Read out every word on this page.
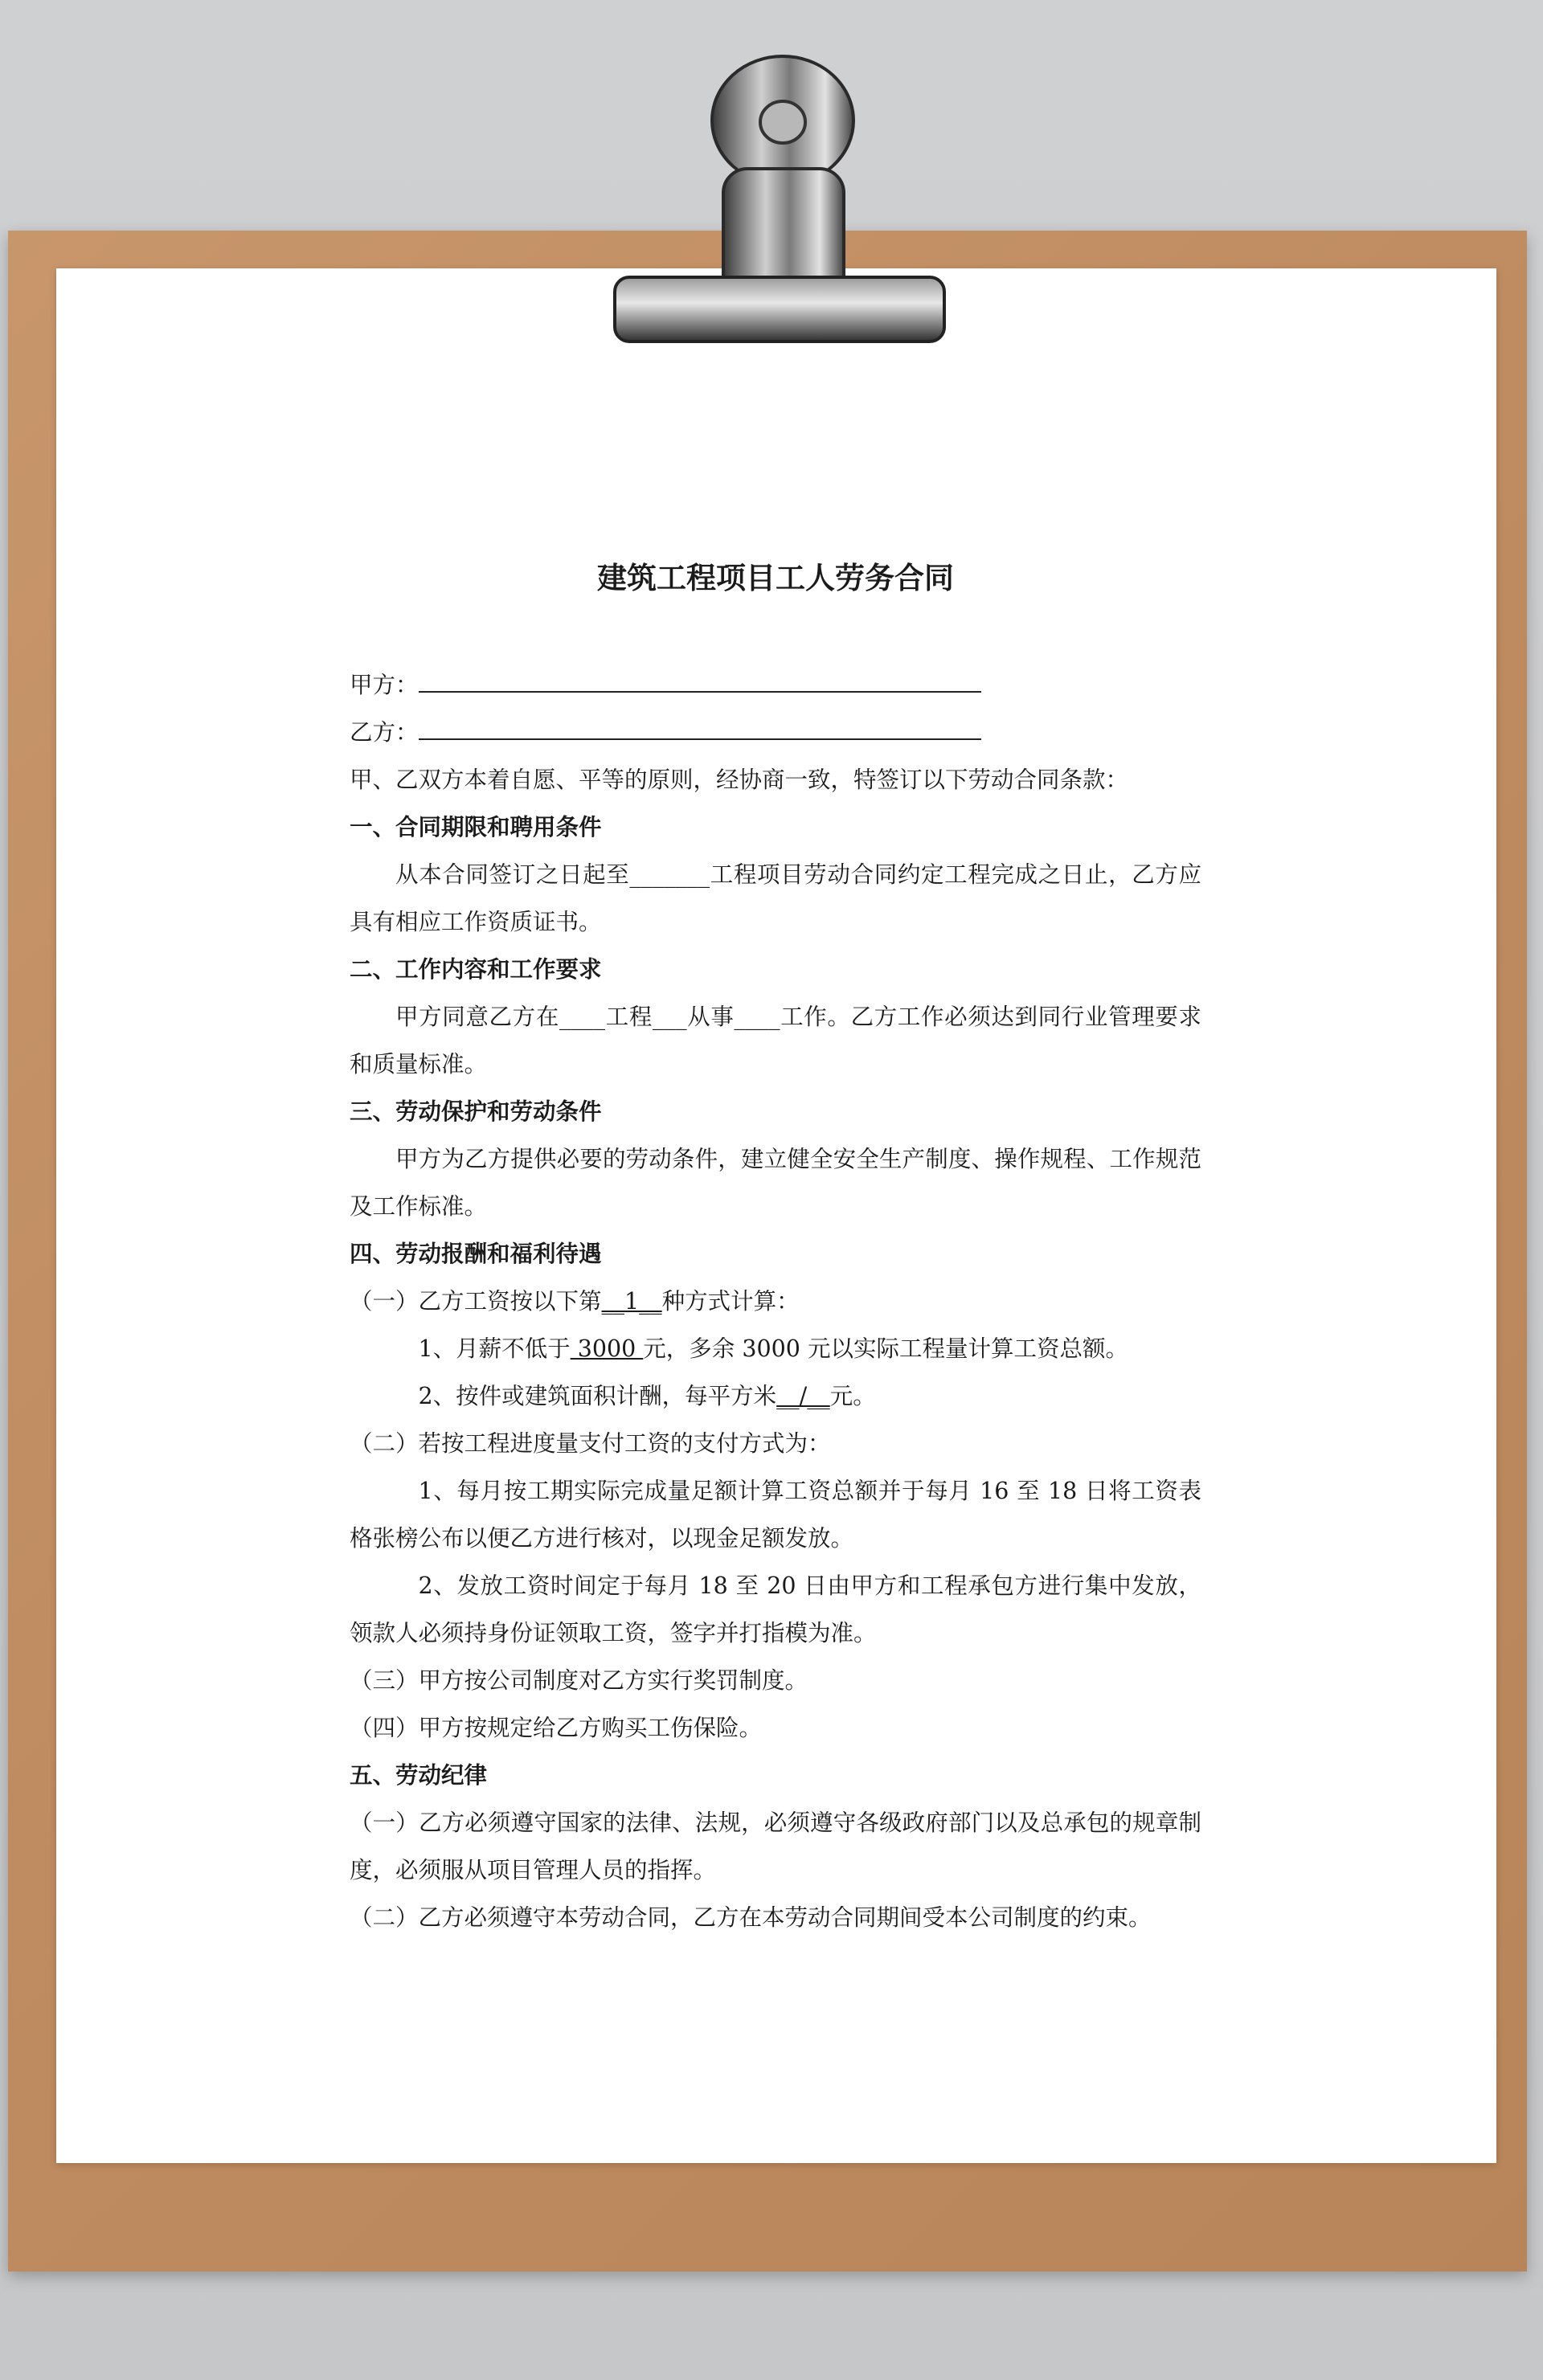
建筑工程项目工人劳务合同
甲方：
乙方：
甲、乙双方本着自愿、平等的原则，经协商一致，特签订以下劳动合同条款：
一、合同期限和聘用条件
从本合同签订之日起至_______工程项目劳动合同约定工程完成之日止，乙方应具有相应工作资质证书。
二、工作内容和工作要求
甲方同意乙方在____工程___从事____工作。乙方工作必须达到同行业管理要求和质量标准。
三、劳动保护和劳动条件
甲方为乙方提供必要的劳动条件，建立健全安全生产制度、操作规程、工作规范及工作标准。
四、劳动报酬和福利待遇
（一）乙方工资按以下第__1__种方式计算：
1、月薪不低于 3000 元，多余 3000 元以实际工程量计算工资总额。
2、按件或建筑面积计酬，每平方米__/__元。
（二）若按工程进度量支付工资的支付方式为：
1、每月按工期实际完成量足额计算工资总额并于每月 16 至 18 日将工资表格张榜公布以便乙方进行核对，以现金足额发放。
2、发放工资时间定于每月 18 至 20 日由甲方和工程承包方进行集中发放，领款人必须持身份证领取工资，签字并打指模为准。
（三）甲方按公司制度对乙方实行奖罚制度。
（四）甲方按规定给乙方购买工伤保险。
五、劳动纪律
（一）乙方必须遵守国家的法律、法规，必须遵守各级政府部门以及总承包的规章制度，必须服从项目管理人员的指挥。
（二）乙方必须遵守本劳动合同，乙方在本劳动合同期间受本公司制度的约束。
